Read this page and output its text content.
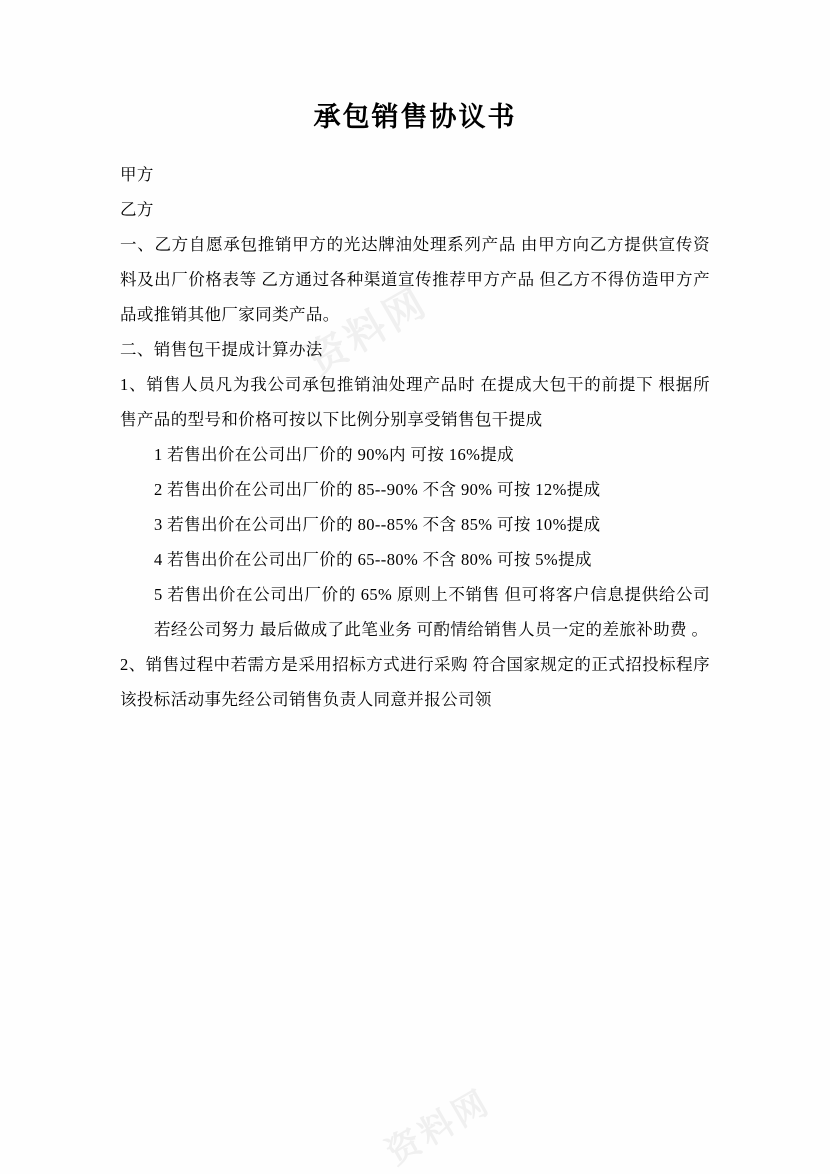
资料网
资料网
承包销售协议书

甲方

乙方

一、乙方自愿承包推销甲方的光达牌油处理系列产品 由甲方向乙方提供宣传资料及出厂价格表等 乙方通过各种渠道宣传推荐甲方产品 但乙方不得仿造甲方产品或推销其他厂家同类产品。

二、销售包干提成计算办法

1、销售人员凡为我公司承包推销油处理产品时 在提成大包干的前提下 根据所售产品的型号和价格可按以下比例分别享受销售包干提成

1 若售出价在公司出厂价的 90%内 可按 16%提成

2 若售出价在公司出厂价的 85--90% 不含 90% 可按 12%提成

3 若售出价在公司出厂价的 80--85% 不含 85% 可按 10%提成

4 若售出价在公司出厂价的 65--80% 不含 80% 可按 5%提成

5 若售出价在公司出厂价的 65% 原则上不销售 但可将客户信息提供给公司 若经公司努力 最后做成了此笔业务 可酌情给销售人员一定的差旅补助费 。

2、销售过程中若需方是采用招标方式进行采购 符合国家规定的正式招投标程序 该投标活动事先经公司销售负责人同意并报公司领
